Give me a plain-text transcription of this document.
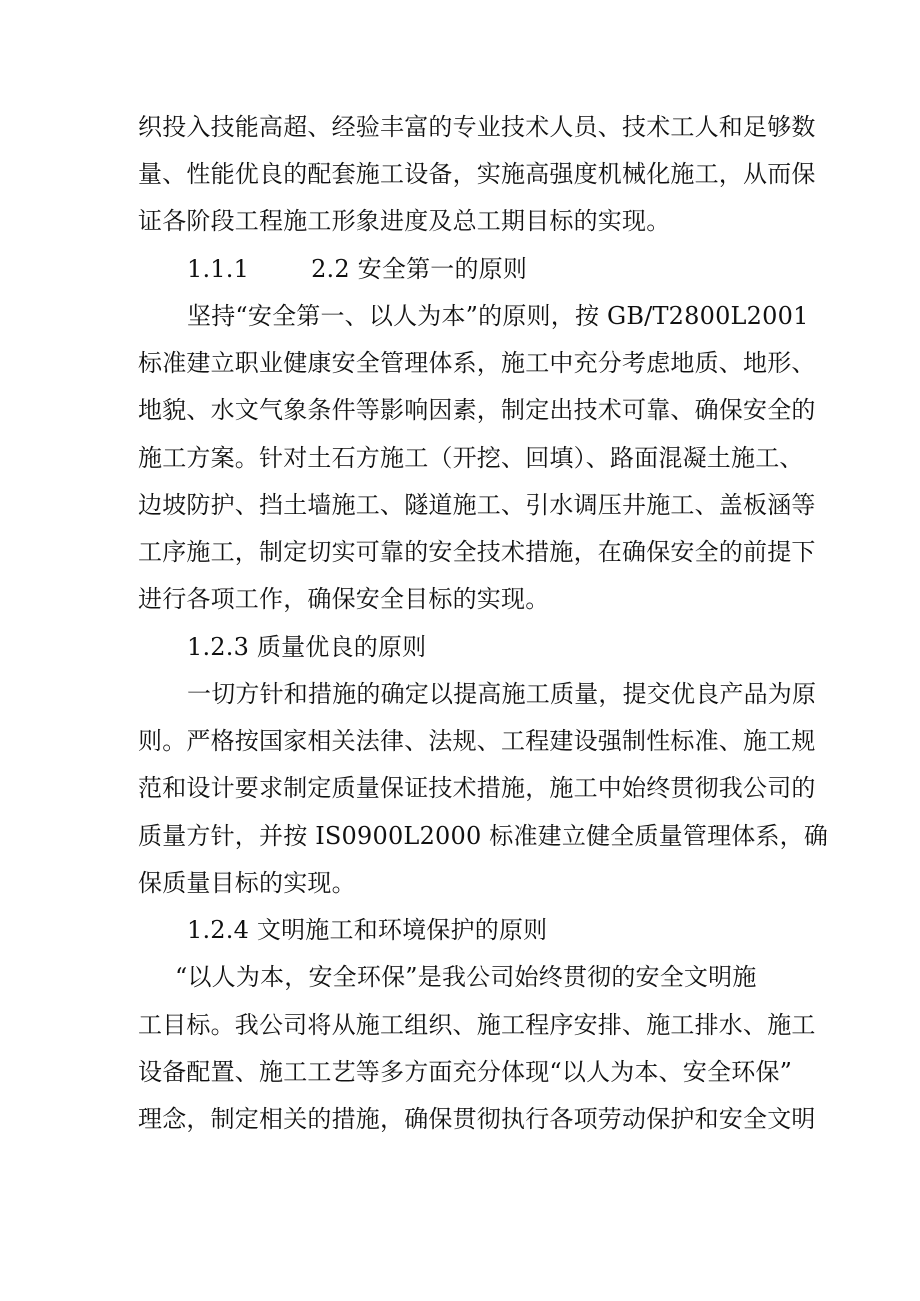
织投入技能高超、经验丰富的专业技术人员、技术工人和足够数
量、性能优良的配套施工设备，实施高强度机械化施工，从而保
证各阶段工程施工形象进度及总工期目标的实现。
1.1.1	2.2 安全第一的原则
坚持“安全第一、以人为本”的原则，按 GB/T2800L2001
标准建立职业健康安全管理体系，施工中充分考虑地质、地形、
地貌、水文气象条件等影响因素，制定出技术可靠、确保安全的
施工方案。针对土石方施工（开挖、回填）、路面混凝土施工、
边坡防护、挡土墙施工、隧道施工、引水调压井施工、盖板涵等
工序施工，制定切实可靠的安全技术措施，在确保安全的前提下
进行各项工作，确保安全目标的实现。
1.2.3 质量优良的原则
一切方针和措施的确定以提高施工质量，提交优良产品为原
则。严格按国家相关法律、法规、工程建设强制性标准、施工规
范和设计要求制定质量保证技术措施，施工中始终贯彻我公司的
质量方针，并按 IS0900L2000 标准建立健全质量管理体系，确
保质量目标的实现。
1.2.4 文明施工和环境保护的原则
“以人为本，安全环保”是我公司始终贯彻的安全文明施
工目标。我公司将从施工组织、施工程序安排、施工排水、施工
设备配置、施工工艺等多方面充分体现“以人为本、安全环保”
理念，制定相关的措施，确保贯彻执行各项劳动保护和安全文明
